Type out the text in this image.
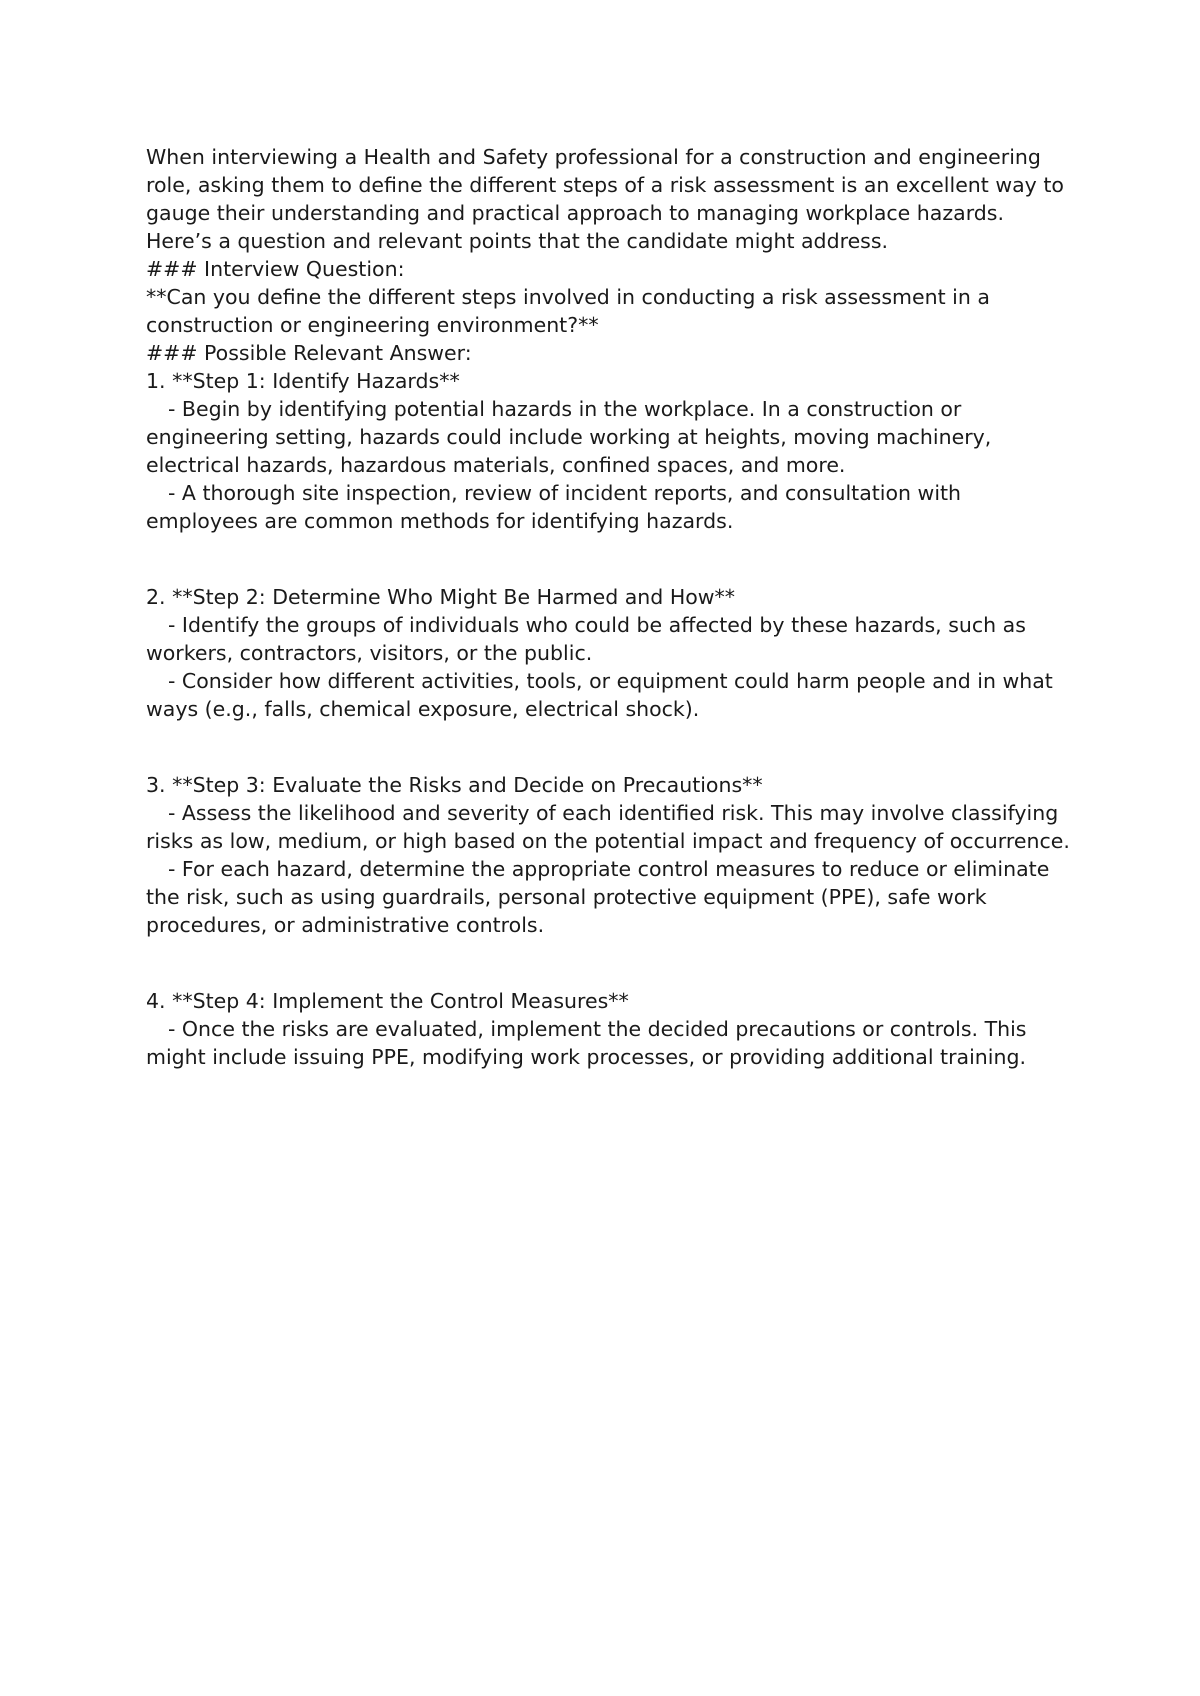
When interviewing a Health and Safety professional for a construction and engineering role, asking them to define the different steps of a risk assessment is an excellent way to gauge their understanding and practical approach to managing workplace hazards. Here’s a question and relevant points that the candidate might address.

### Interview Question:

**Can you define the different steps involved in conducting a risk assessment in a construction or engineering environment?**

### Possible Relevant Answer:

1. **Step 1: Identify Hazards**

- Begin by identifying potential hazards in the workplace. In a construction or engineering setting, hazards could include working at heights, moving machinery, electrical hazards, hazardous materials, confined spaces, and more.

- A thorough site inspection, review of incident reports, and consultation with employees are common methods for identifying hazards.

2. **Step 2: Determine Who Might Be Harmed and How**

- Identify the groups of individuals who could be affected by these hazards, such as workers, contractors, visitors, or the public.

- Consider how different activities, tools, or equipment could harm people and in what ways (e.g., falls, chemical exposure, electrical shock).

3. **Step 3: Evaluate the Risks and Decide on Precautions**

- Assess the likelihood and severity of each identified risk. This may involve classifying risks as low, medium, or high based on the potential impact and frequency of occurrence.

- For each hazard, determine the appropriate control measures to reduce or eliminate the risk, such as using guardrails, personal protective equipment (PPE), safe work procedures, or administrative controls.

4. **Step 4: Implement the Control Measures**

- Once the risks are evaluated, implement the decided precautions or controls. This might include issuing PPE, modifying work processes, or providing additional training.
